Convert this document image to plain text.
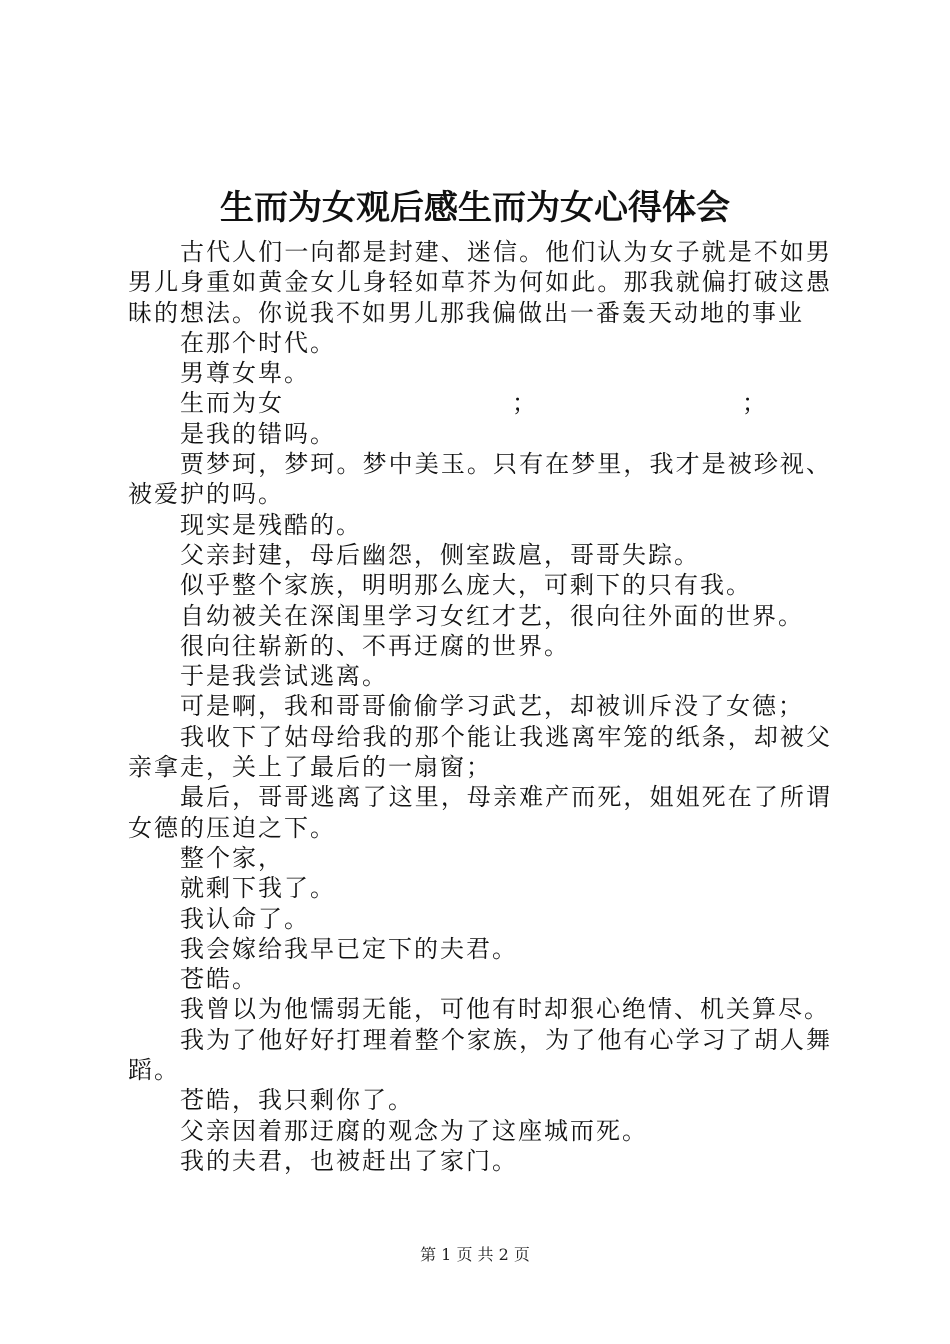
生而为女观后感生而为女心得体会

古代人们一向都是封建、迷信。他们认为女子就是不如男男儿身重如黄金女儿身轻如草芥为何如此。那我就偏打破这愚昧的想法。你说我不如男儿那我偏做出一番轰天动地的事业

在那个时代。

男尊女卑。

生而为女	；	；

是我的错吗。

贾梦珂，梦珂。梦中美玉。只有在梦里，我才是被珍视、被爱护的吗。

现实是残酷的。

父亲封建，母后幽怨，侧室跋扈，哥哥失踪。

似乎整个家族，明明那么庞大，可剩下的只有我。

自幼被关在深闺里学习女红才艺，很向往外面的世界。

很向往崭新的、不再迂腐的世界。

于是我尝试逃离。

可是啊，我和哥哥偷偷学习武艺，却被训斥没了女德；

我收下了姑母给我的那个能让我逃离牢笼的纸条，却被父亲拿走，关上了最后的一扇窗；

最后，哥哥逃离了这里，母亲难产而死，姐姐死在了所谓女德的压迫之下。

整个家，

就剩下我了。

我认命了。

我会嫁给我早已定下的夫君。

苍皓。

我曾以为他懦弱无能，可他有时却狠心绝情、机关算尽。

我为了他好好打理着整个家族，为了他有心学习了胡人舞蹈。

苍皓，我只剩你了。

父亲因着那迂腐的观念为了这座城而死。

我的夫君，也被赶出了家门。

第 1 页 共 2 页
